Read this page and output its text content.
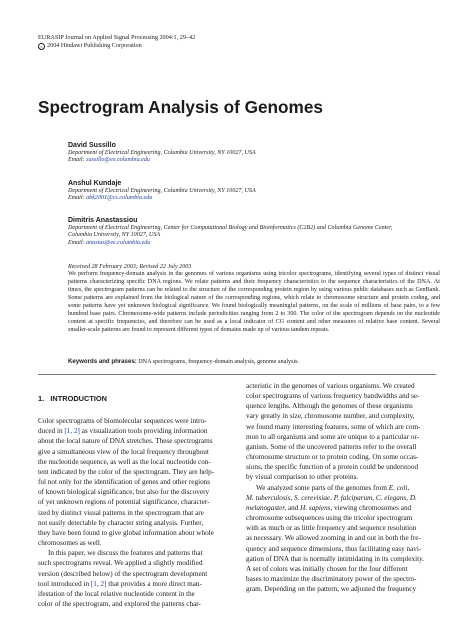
EURASIP Journal on Applied Signal Processing 2004:1, 29–42
c 2004 Hindawi Publishing Corporation
Spectrogram Analysis of Genomes
David Sussillo
Department of Electrical Engineering, Columbia University, NY 10027, USA
Email: sussillo@ee.columbia.edu
Anshul Kundaje
Department of Electrical Engineering, Columbia University, NY 10027, USA
Email: abk2001@cs.columbia.edu
Dimitris Anastassiou
Department of Electrical Engineering, Center for Computational Biology and Bioinformatics (C2B2) and Columbia Genome Center,
Columbia University, NY 10027, USA
Email: anastas@ee.columbia.edu
Received 28 February 2003; Revised 22 July 2003
We perform frequency-domain analysis in the genomes of various organisms using tricolor spectrograms, identifying several types of distinct visual patterns characterizing specific DNA regions. We relate patterns and their frequency characteristics to the sequence characteristics of the DNA. At times, the spectrogram patterns can be related to the structure of the corresponding protein region by using various public databases such as GenBank. Some patterns are explained from the biological nature of the corresponding regions, which relate to chromosome structure and protein coding, and some patterns have yet unknown biological significance. We found biologically meaningful patterns, on the scale of millions of base pairs, to a few hundred base pairs. Chromosome-wide patterns include periodicities ranging from 2 to 300. The color of the spectrogram depends on the nucleotide content at specific frequencies, and therefore can be used as a local indicator of CG content and other measures of relative base content. Several smaller-scale patterns are found to represent different types of domains made up of various tandem repeats.
Keywords and phrases: DNA spectrograms, frequency-domain analysis, genome analysis.
1. INTRODUCTION

Color spectrograms of biomolecular sequences were intro-
duced in [1, 2] as visualization tools providing information
about the local nature of DNA stretches. These spectrograms
give a simultaneous view of the local frequency throughout
the nucleotide sequence, as well as the local nucleotide con-
tent indicated by the color of the spectrogram. They are help-
ful not only for the identification of genes and other regions
of known biological significance, but also for the discovery
of yet unknown regions of potential significance, character-
ized by distinct visual patterns in the spectrogram that are
not easily detectable by character string analysis. Further,
they have been found to give global information about whole
chromosomes as well.

In this paper, we discuss the features and patterns that
such spectrograms reveal. We applied a slightly modified
version (described below) of the spectrogram development
tool introduced in [1, 2] that provides a more direct man-
ifestation of the local relative nucleotide content in the
color of the spectrogram, and explored the patterns char-

acteristic in the genomes of various organisms. We created
color spectrograms of various frequency bandwidths and se-
quence lengths. Although the genomes of these organisms
vary greatly in size, chromosome number, and complexity,
we found many interesting features, some of which are com-
mon to all organisms and some are unique to a particular or-
ganism. Some of the uncovered patterns refer to the overall
chromosome structure or to protein coding. On some occas-
sions, the specific function of a protein could be understood
by visual comparison to other proteins.

We analyzed some parts of the genomes from E. coli,
M. tuberculosis, S. cerevisiae, P. falciparum, C. elegans, D.
melanogaster, and H. sapiens, viewing chromosomes and
chromosome subsequences using the tricolor spectrogram
with as much or as little frequency and sequence resolution
as necessary. We allowed zooming in and out in both the fre-
quency and sequence dimensions, thus facilitating easy navi-
gation of DNA that is normally intimidating in its complexity.
A set of colors was initially chosen for the four different
bases to maximize the discriminatory power of the spectro-
gram. Depending on the pattern, we adjusted the frequency
